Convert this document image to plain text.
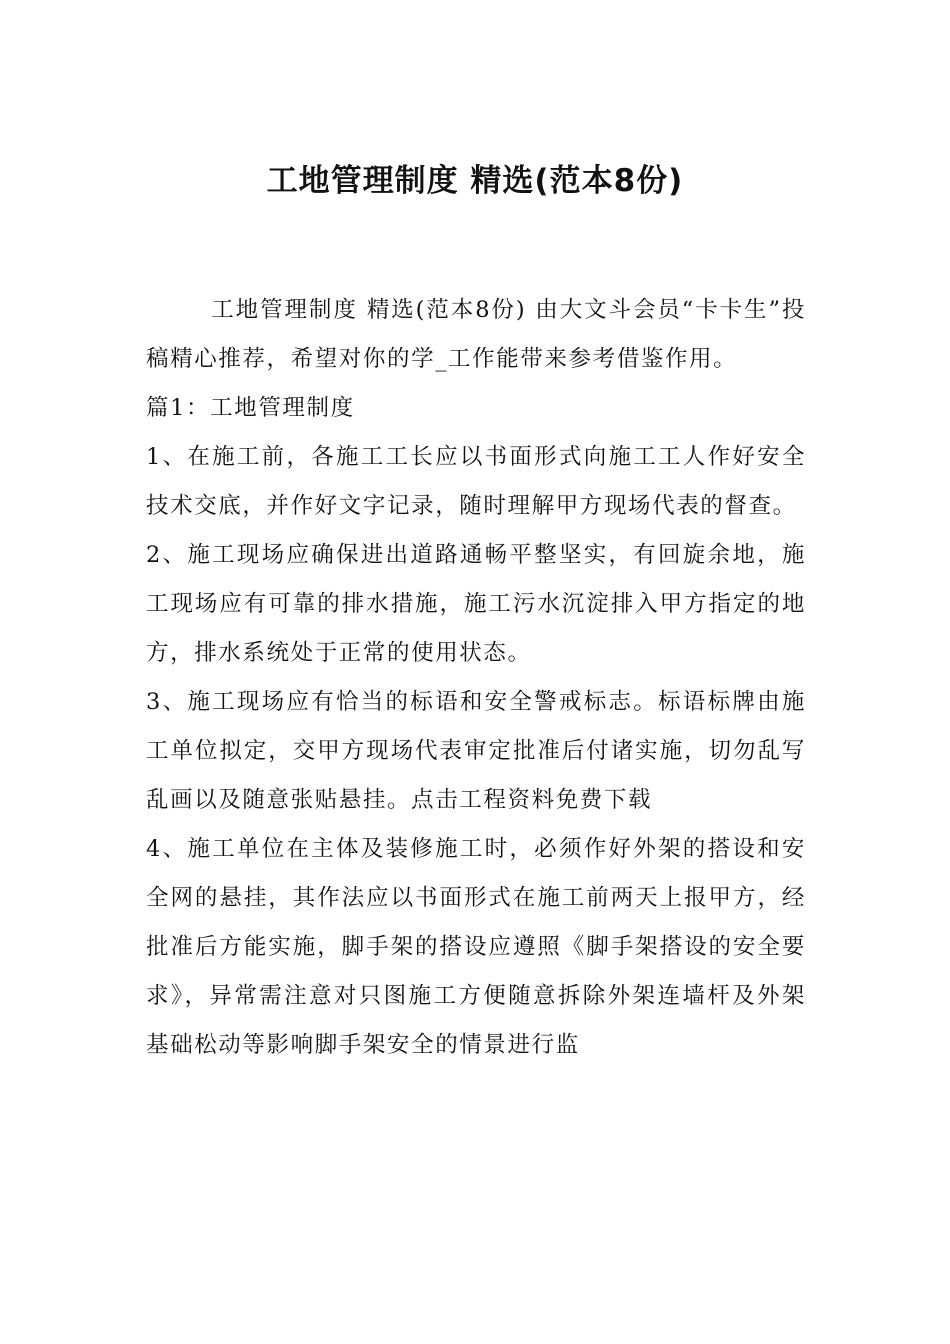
工地管理制度 精选(范本8份)

工地管理制度 精选(范本8份) 由大文斗会员“卡卡生”投稿精心推荐，希望对你的学_工作能带来参考借鉴作用。

篇1：工地管理制度

1、在施工前，各施工工长应以书面形式向施工工人作好安全技术交底，并作好文字记录，随时理解甲方现场代表的督查。

2、施工现场应确保进出道路通畅平整坚实，有回旋余地，施工现场应有可靠的排水措施，施工污水沉淀排入甲方指定的地方，排水系统处于正常的使用状态。

3、施工现场应有恰当的标语和安全警戒标志。标语标牌由施工单位拟定，交甲方现场代表审定批准后付诸实施，切勿乱写乱画以及随意张贴悬挂。点击工程资料免费下载

4、施工单位在主体及装修施工时，必须作好外架的搭设和安全网的悬挂，其作法应以书面形式在施工前两天上报甲方，经批准后方能实施，脚手架的搭设应遵照《脚手架搭设的安全要求》，异常需注意对只图施工方便随意拆除外架连墙杆及外架基础松动等影响脚手架安全的情景进行监
